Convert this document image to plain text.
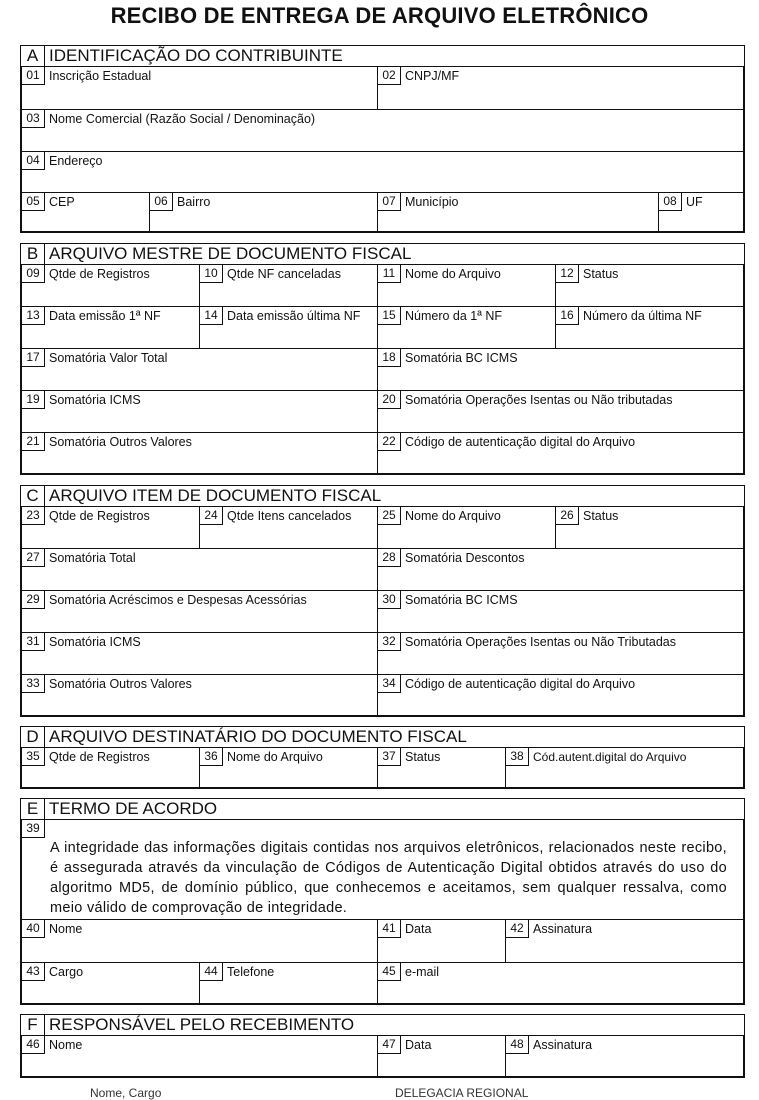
RECIBO DE ENTREGA DE ARQUIVO ELETRÔNICO
A IDENTIFICAÇÃO DO CONTRIBUINTE
01 Inscrição Estadual	02 CNPJ/MF
03 Nome Comercial (Razão Social / Denominação)
04 Endereço
05 CEP	06 Bairro	07 Município	08 UF
B ARQUIVO MESTRE DE DOCUMENTO FISCAL
09 Qtde de Registros	10 Qtde NF canceladas	11 Nome do Arquivo	12 Status
13 Data emissão 1ª NF	14 Data emissão última NF	15 Número da 1ª NF	16 Número da última NF
17 Somatória Valor Total	18 Somatória BC ICMS
19 Somatória ICMS	20 Somatória Operações Isentas ou Não tributadas
21 Somatória Outros Valores	22 Código de autenticação digital do Arquivo
C ARQUIVO ITEM DE DOCUMENTO FISCAL
23 Qtde de Registros	24 Qtde Itens cancelados	25 Nome do Arquivo	26 Status
27 Somatória Total	28 Somatória Descontos
29 Somatória Acréscimos e Despesas Acessórias	30 Somatória BC ICMS
31 Somatória ICMS	32 Somatória Operações Isentas ou Não Tributadas
33 Somatória Outros Valores	34 Código de autenticação digital do Arquivo
D ARQUIVO DESTINATÁRIO DO DOCUMENTO FISCAL
35 Qtde de Registros	36 Nome do Arquivo	37 Status	38 Cód.autent.digital do Arquivo
E TERMO DE ACORDO
39
A integridade das informações digitais contidas nos arquivos eletrônicos, relacionados neste recibo, é assegurada através da vinculação de Códigos de Autenticação Digital obtidos através do uso do algoritmo MD5, de domínio público, que conhecemos e aceitamos, sem qualquer ressalva, como meio válido de comprovação de integridade.
40 Nome	41 Data	42 Assinatura
43 Cargo	44 Telefone	45 e-mail
F RESPONSÁVEL PELO RECEBIMENTO
46 Nome	47 Data	48 Assinatura
Nome, Cargo	DELEGACIA REGIONAL
